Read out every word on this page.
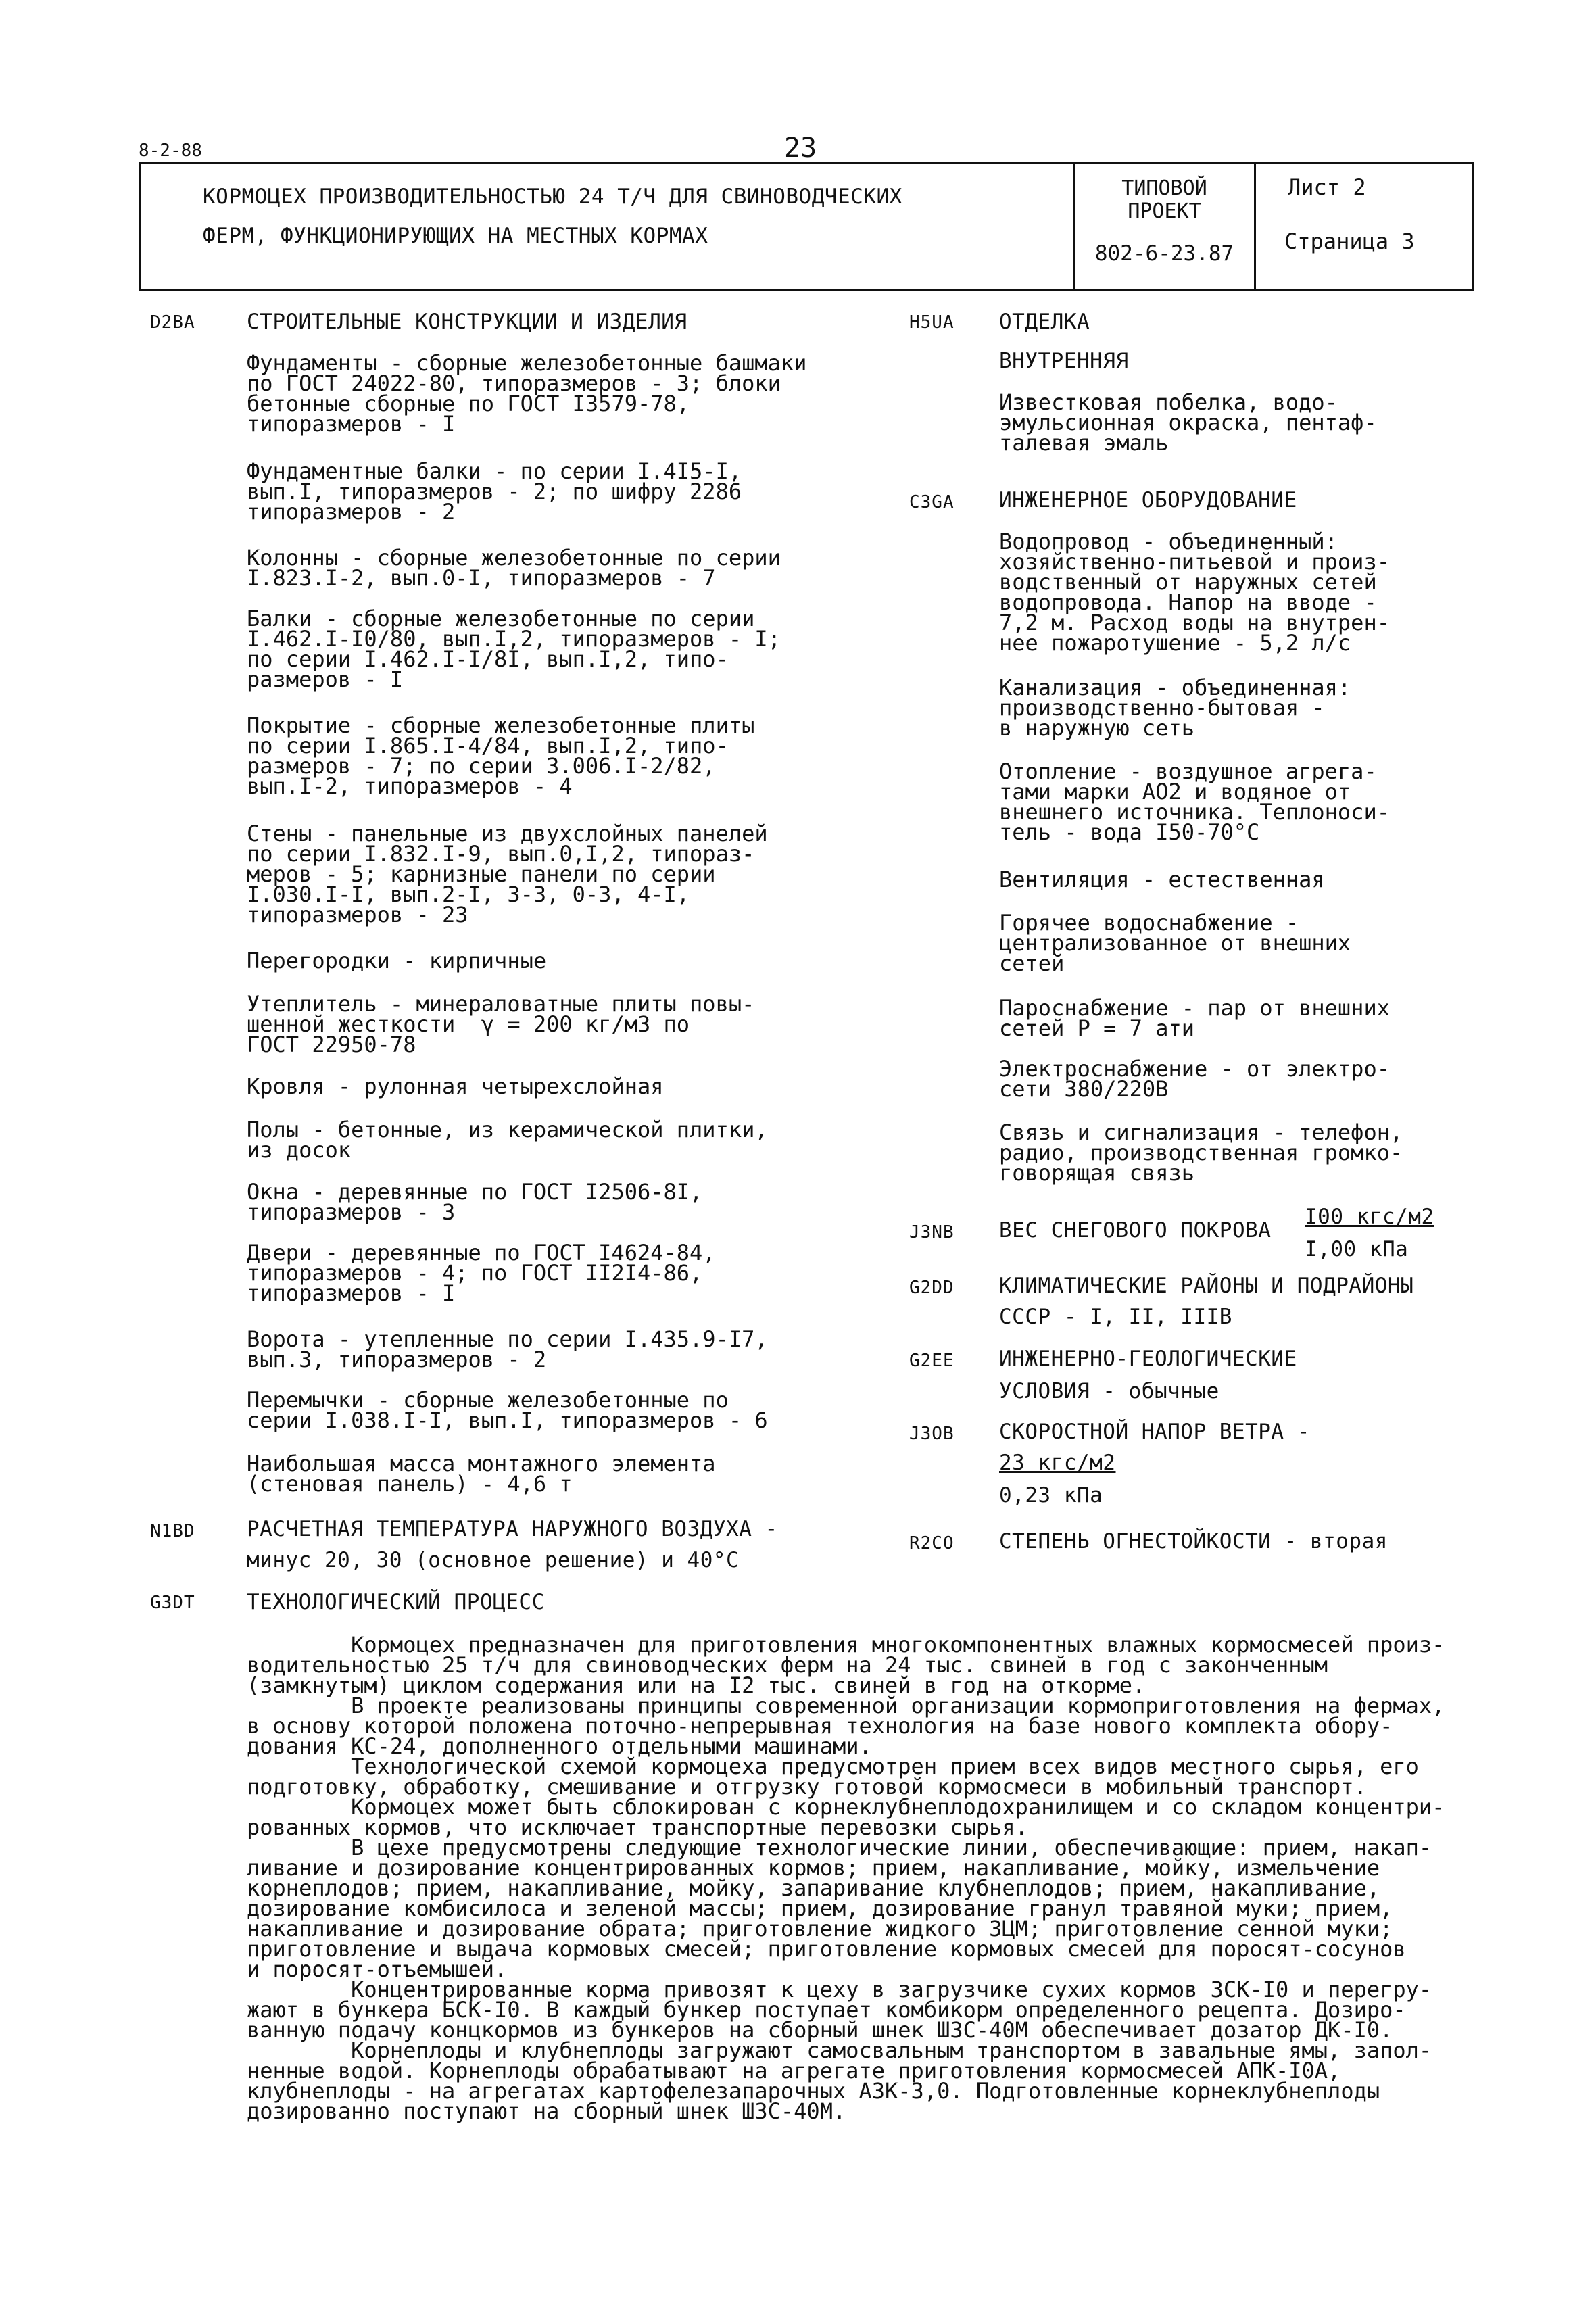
8-2-88	23
КОРМОЦЕХ ПРОИЗВОДИТЕЛЬНОСТЬЮ 24 Т/Ч ДЛЯ СВИНОВОДЧЕСКИХ
ФЕРМ, ФУНКЦИОНИРУЮЩИХ НА МЕСТНЫХ КОРМАХ
ТИПОВОЙ
ПРОЕКТ
802-6-23.87
Лист 2
Страница 3
D2BA СТРОИТЕЛЬНЫЕ КОНСТРУКЦИИ И ИЗДЕЛИЯ
Фундаменты - сборные железобетонные башмаки
по ГОСТ 24022-80, типоразмеров - 3; блоки
бетонные сборные по ГОСТ I3579-78,
типоразмеров - I
Фундаментные балки - по серии I.4I5-I,
вып.I, типоразмеров - 2; по шифру 2286
типоразмеров - 2
Колонны - сборные железобетонные по серии
I.823.I-2, вып.0-I, типоразмеров - 7
Балки - сборные железобетонные по серии
I.462.I-I0/80, вып.I,2, типоразмеров - I;
по серии I.462.I-I/8I, вып.I,2, типо-
размеров - I
Покрытие - сборные железобетонные плиты
по серии I.865.I-4/84, вып.I,2, типо-
размеров - 7; по серии 3.006.I-2/82,
вып.I-2, типоразмеров - 4
Стены - панельные из двухслойных панелей
по серии I.832.I-9, вып.0,I,2, типораз-
меров - 5; карнизные панели по серии
I.030.I-I, вып.2-I, 3-3, 0-3, 4-I,
типоразмеров - 23
Перегородки - кирпичные
Утеплитель - минераловатные плиты повы-
шенной жесткости  γ = 200 кг/м3 по
ГОСТ 22950-78
Кровля - рулонная четырехслойная
Полы - бетонные, из керамической плитки,
из досок
Окна - деревянные по ГОСТ I2506-8I,
типоразмеров - 3
Двери - деревянные по ГОСТ I4624-84,
типоразмеров - 4; по ГОСТ II2I4-86,
типоразмеров - I
Ворота - утепленные по серии I.435.9-I7,
вып.3, типоразмеров - 2
Перемычки - сборные железобетонные по
серии I.038.I-I, вып.I, типоразмеров - 6
Наибольшая масса монтажного элемента
(стеновая панель) - 4,6 т
N1BD РАСЧЕТНАЯ ТЕМПЕРАТУРА НАРУЖНОГО ВОЗДУХА -
минус 20, 30 (основное решение) и 40°С
G3DT ТЕХНОЛОГИЧЕСКИЙ ПРОЦЕСС
H5UA ОТДЕЛКА
ВНУТРЕННЯЯ
Известковая побелка, водо-
эмульсионная окраска, пентаф-
талевая эмаль
C3GA ИНЖЕНЕРНОЕ ОБОРУДОВАНИЕ
Водопровод - объединенный:
хозяйственно-питьевой и произ-
водственный от наружных сетей
водопровода. Напор на вводе -
7,2 м. Расход воды на внутрен-
нее пожаротушение - 5,2 л/с
Канализация - объединенная:
производственно-бытовая -
в наружную сеть
Отопление - воздушное агрега-
тами марки АО2 и водяное от
внешнего источника. Теплоноси-
тель - вода I50-70°С
Вентиляция - естественная
Горячее водоснабжение -
централизованное от внешних
сетей
Пароснабжение - пар от внешних
сетей Р = 7 ати
Электроснабжение - от электро-
сети 380/220В
Связь и сигнализация - телефон,
радио, производственная громко-
говорящая связь
J3NB ВЕС СНЕГОВОГО ПОКРОВА
I00 кгс/м2
I,00 кПа
G2DD КЛИМАТИЧЕСКИЕ РАЙОНЫ И ПОДРАЙОНЫ
СССР - I, II, IIIВ
G2EE ИНЖЕНЕРНО-ГЕОЛОГИЧЕСКИЕ
УСЛОВИЯ - обычные
J3OB СКОРОСТНОЙ НАПОР ВЕТРА -
23 кгс/м2
0,23 кПа
R2CO СТЕПЕНЬ ОГНЕСТОЙКОСТИ - вторая
Кормоцех предназначен для приготовления многокомпонентных влажных кормосмесей произ-
водительностью 25 т/ч для свиноводческих ферм на 24 тыс. свиней в год с законченным
(замкнутым) циклом содержания или на I2 тыс. свиней в год на откорме.
В проекте реализованы принципы современной организации кормоприготовления на фермах,
в основу которой положена поточно-непрерывная технология на базе нового комплекта обору-
дования КС-24, дополненного отдельными машинами.
Технологической схемой кормоцеха предусмотрен прием всех видов местного сырья, его
подготовку, обработку, смешивание и отгрузку готовой кормосмеси в мобильный транспорт.
Кормоцех может быть сблокирован с корнеклубнеплодохранилищем и со складом концентри-
рованных кормов, что исключает транспортные перевозки сырья.
В цехе предусмотрены следующие технологические линии, обеспечивающие: прием, накап-
ливание и дозирование концентрированных кормов; прием, накапливание, мойку, измельчение
корнеплодов; прием, накапливание, мойку, запаривание клубнеплодов; прием, накапливание,
дозирование комбисилоса и зеленой массы; прием, дозирование гранул травяной муки; прием,
накапливание и дозирование обрата; приготовление жидкого ЗЦМ; приготовление сенной муки;
приготовление и выдача кормовых смесей; приготовление кормовых смесей для поросят-сосунов
и поросят-отъемышей.
Концентрированные корма привозят к цеху в загрузчике сухих кормов ЗСК-I0 и перегру-
жают в бункера БСК-I0. В каждый бункер поступает комбикорм определенного рецепта. Дозиро-
ванную подачу концкормов из бункеров на сборный шнек ШЗС-40М обеспечивает дозатор ДК-I0.
Корнеплоды и клубнеплоды загружают самосвальным транспортом в завальные ямы, запол-
ненные водой. Корнеплоды обрабатывают на агрегате приготовления кормосмесей АПК-I0А,
клубнеплоды - на агрегатах картофелезапарочных АЗК-3,0. Подготовленные корнеклубнеплоды
дозированно поступают на сборный шнек ШЗС-40М.
